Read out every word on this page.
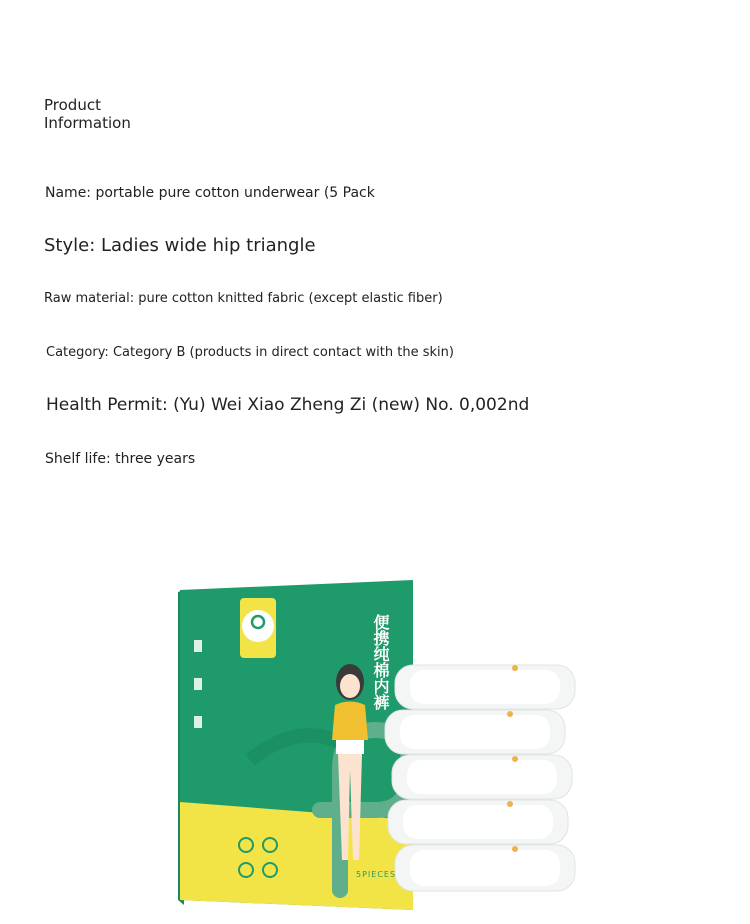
Product
Information
Name: portable pure cotton underwear (5 Pack
Style: Ladies wide hip triangle
Raw material: pure cotton knitted fabric (except elastic fiber)
Category: Category B (products in direct contact with the skin)
Health Permit: (Yu) Wei Xiao Zheng Zi (new) No. 0,002nd
Shelf life: three years
便携纯棉内裤
5PIECES
